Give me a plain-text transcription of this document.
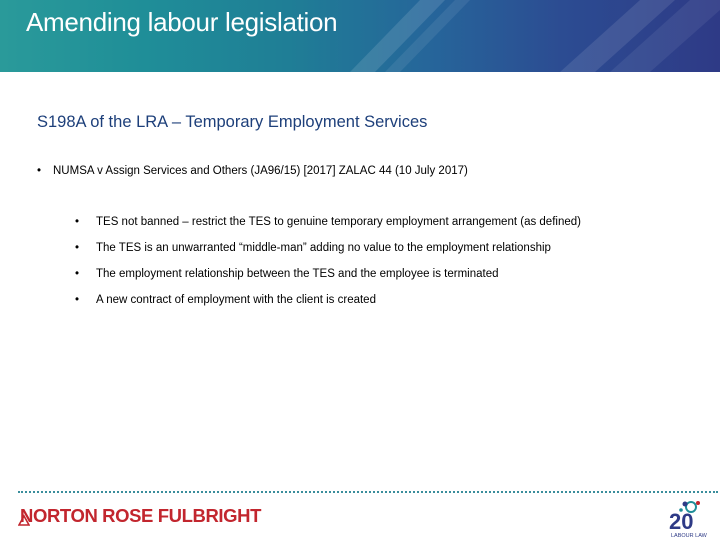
Amending labour legislation
S198A of the LRA – Temporary Employment Services
•	NUMSA v Assign Services and Others (JA96/15) [2017] ZALAC 44 (10 July 2017)
•	TES not banned – restrict the TES to genuine temporary employment arrangement (as defined)
•	The TES is an unwarranted “middle-man” adding no value to the employment relationship
•	The employment relationship between the TES and the employee is terminated
•	A new contract of employment with the client is created
NORTON ROSE FULBRIGHT	20
LABOUR LAW
